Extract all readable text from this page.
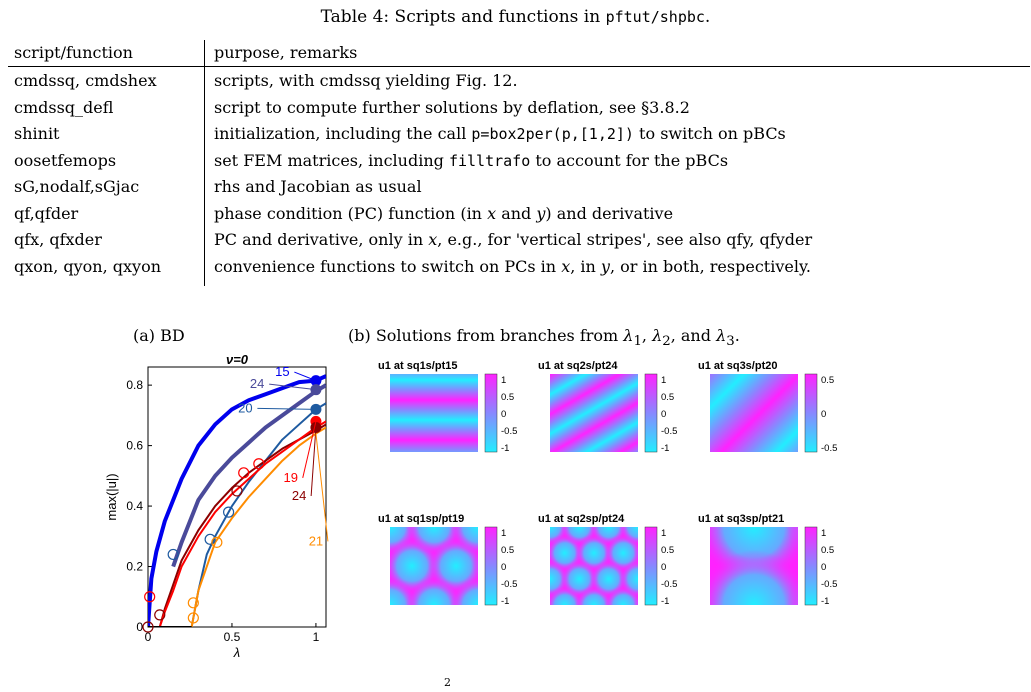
Table 4: Scripts and functions in pftut/shpbc.
script/function	purpose, remarks
cmdssq, cmdshex	scripts, with cmdssq yielding Fig. 12.
cmdssq_defl	script to compute further solutions by deflation, see §3.8.2
shinit	initialization, including the call p=box2per(p,[1,2]) to switch on pBCs
oosetfemops	set FEM matrices, including filltrafo to account for the pBCs
sG,nodalf,sGjac	rhs and Jacobian as usual
qf,qfder	phase condition (PC) function (in x and y) and derivative
qfx, qfxder	PC and derivative, only in x, e.g., for 'vertical stripes', see also qfy, qfyder
qxon, qyon, qxyon	convenience functions to switch on PCs in x, in y, or in both, respectively.
(a) BD	(b) Solutions from branches from $\lambda_1$, $\lambda_2$, and $\lambda_3$.
ν=0
0	0.5	1
0
0.2
0.4
0.6
0.8
λ
max(|u|)
15
24
20
19
24
21
u1 at sq1s/pt15
1
0.5
0
-0.5
-1
u1 at sq2s/pt24
1
0.5
0
-0.5
-1
u1 at sq3s/pt20
0.5
0
-0.5
u1 at sq1sp/pt19
1
0.5
0
-0.5
-1
u1 at sq2sp/pt24
1
0.5
0
-0.5
-1
u1 at sq3sp/pt21
1
0.5
0
-0.5
-1
2
